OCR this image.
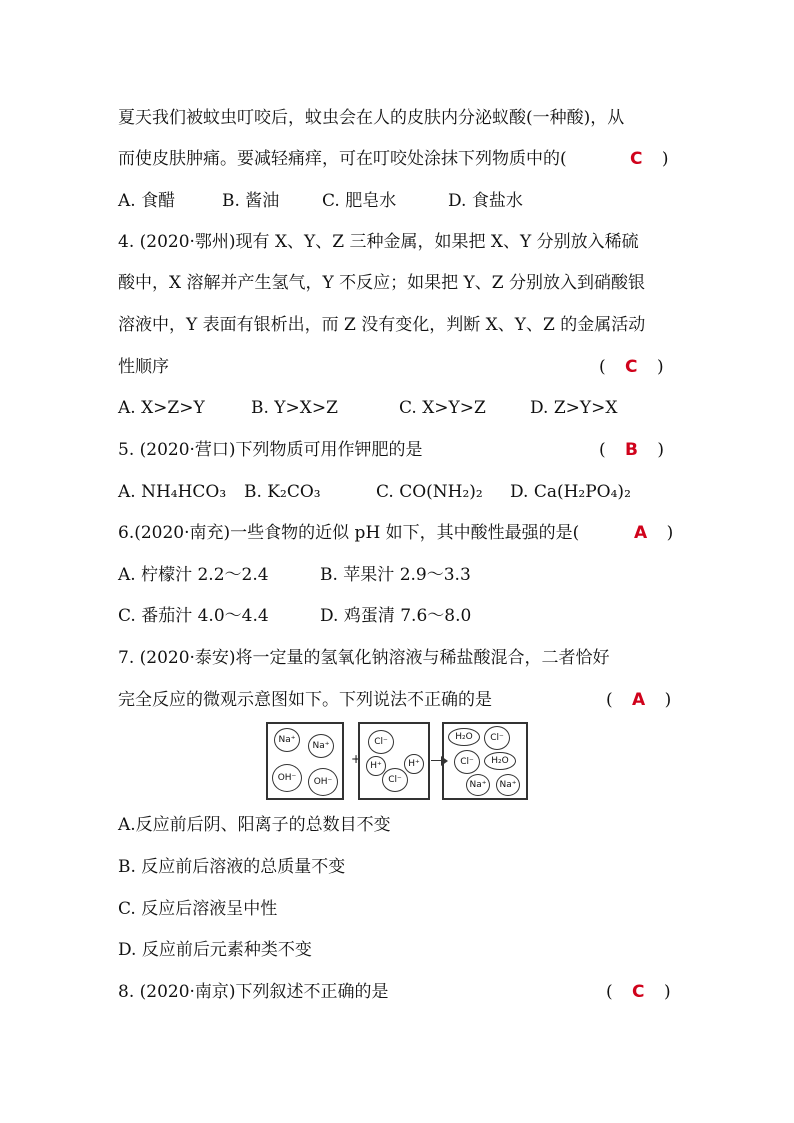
夏天我们被蚊虫叮咬后，蚊虫会在人的皮肤内分泌蚁酸(一种酸)，从
而使皮肤肿痛。要减轻痛痒，可在叮咬处涂抹下列物质中的(	C )
A. 食醋	B. 酱油	C. 肥皂水	D. 食盐水
4. (2020·鄂州)现有 X、Y、Z 三种金属，如果把 X、Y 分别放入稀硫
酸中，X 溶解并产生氢气，Y 不反应；如果把 Y、Z 分别放入到硝酸银
溶液中，Y 表面有银析出，而 Z 没有变化，判断 X、Y、Z 的金属活动
性顺序	( C )
A. X>Z>Y	B. Y>X>Z	C. X>Y>Z	D. Z>Y>X
5. (2020·营口)下列物质可用作钾肥的是	( B )
A. NH₄HCO₃ B. K₂CO₃	C. CO(NH₂)₂ D. Ca(H₂PO₄)₂
6.(2020·南充)一些食物的近似 pH 如下，其中酸性最强的是(	A )
A. 柠檬汁 2.2～2.4	B. 苹果汁 2.9～3.3
C. 番茄汁 4.0～4.4	D. 鸡蛋清 7.6～8.0
7. (2020·泰安)将一定量的氢氧化钠溶液与稀盐酸混合，二者恰好
完全反应的微观示意图如下。下列说法不正确的是	( A )
Na⁺
Na⁺
OH⁻	OH⁻
+
Cl⁻
H⁺	H⁺
Cl⁻
H₂O	Cl⁻
Cl⁻	H₂O
Na⁺	Na⁺
A.反应前后阴、阳离子的总数目不变
B. 反应前后溶液的总质量不变
C. 反应后溶液呈中性
D. 反应前后元素种类不变
8. (2020·南京)下列叙述不正确的是	( C )
